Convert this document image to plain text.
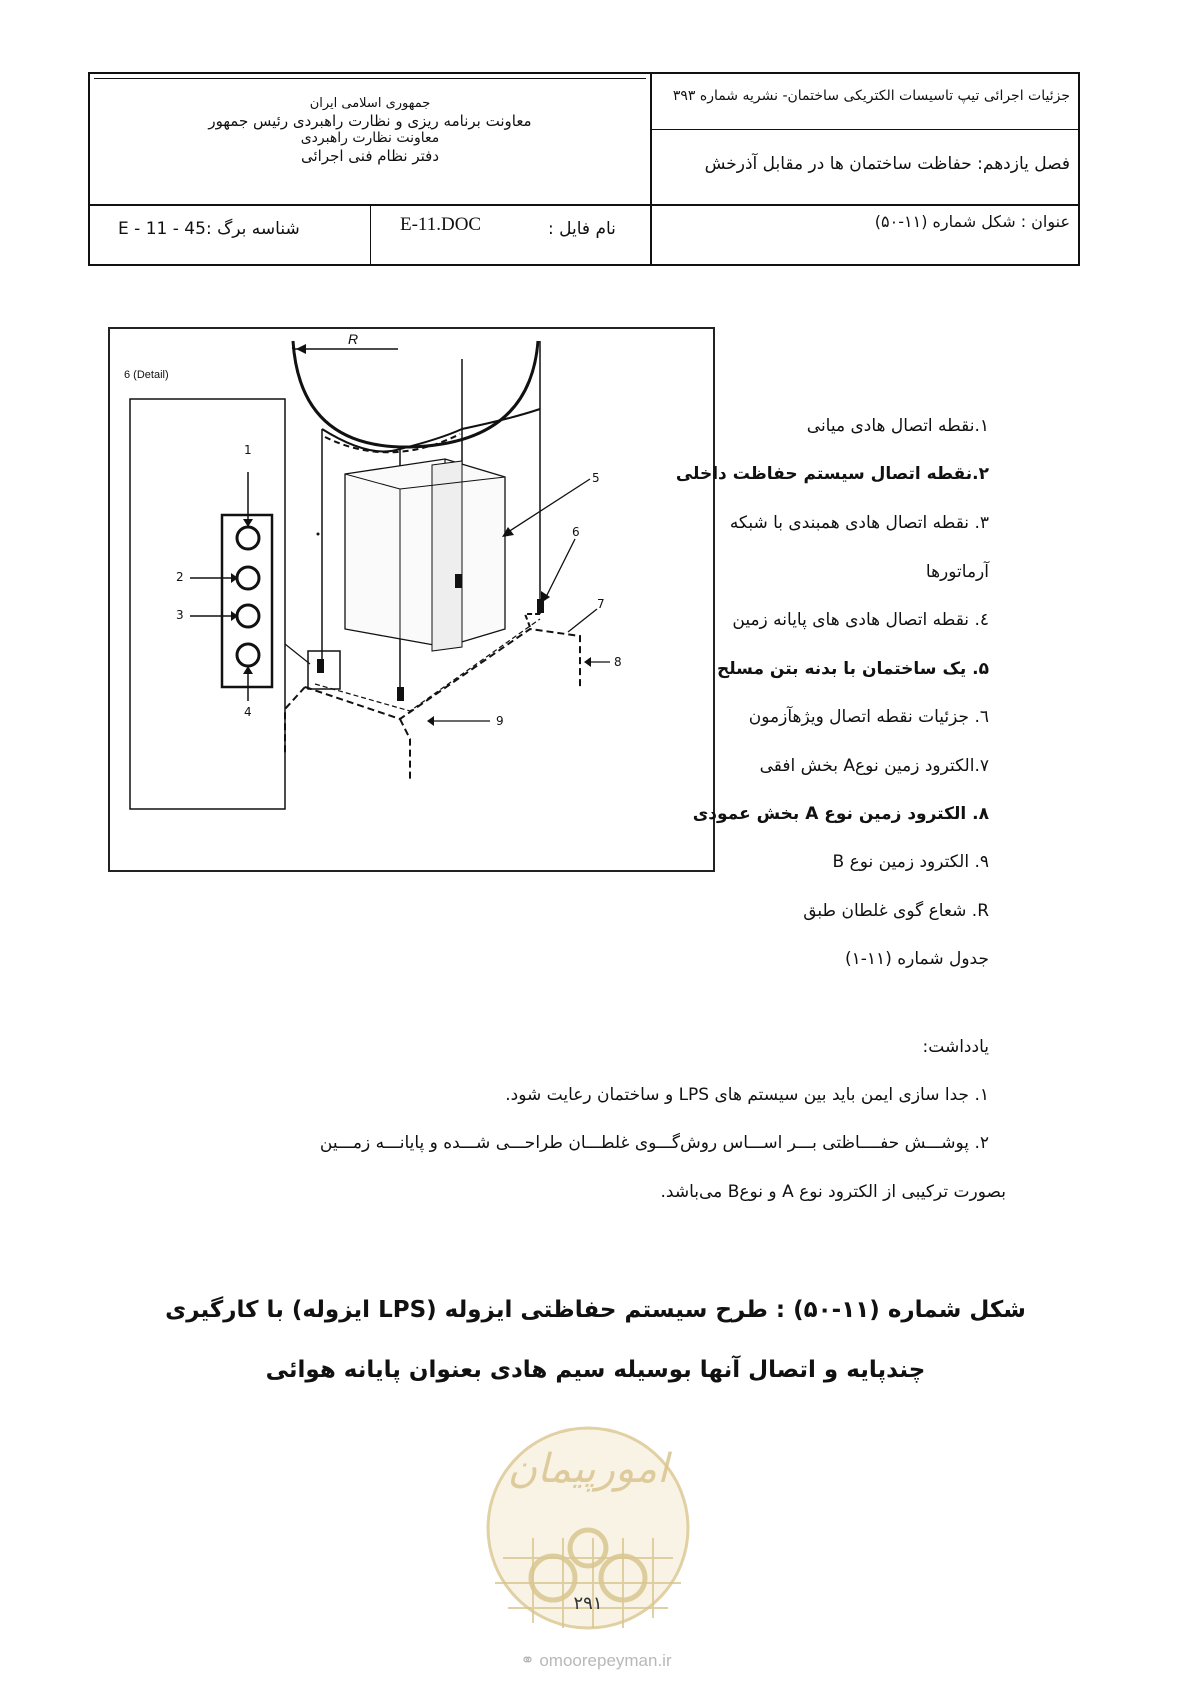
جمهوری اسلامی ایران
معاونت برنامه ریزی و نظارت راهبردی رئیس جمهور
معاونت نظارت راهبردی
دفتر نظام فنی اجرائی
جزئیات اجرائی تیپ تاسیسات الکتریکی ساختمان- نشریه شماره ۳۹۳
فصل یازدهم: حفاظت ساختمان ها در مقابل آذرخش
عنوان : شکل شماره (۱۱-۵۰)
نام فایل :
E-11.DOC
شناسه برگ :45 - 11 - E
6 (Detail)
R
1
2
3
4
5
6
7
8
9
۱.نقطه اتصال هادی میانی
۲.نقطه اتصال سیستم حفاظت داخلی
۳. نقطه اتصال هادی همبندی با شبکه
آرماتورها
٤. نقطه اتصال هادی های پایانه زمین
۵. یک ساختمان با بدنه بتن مسلح
٦. جزئیات نقطه اتصال ویژهآزمون
۷.الکترود زمین نوعA بخش افقی
۸. الکترود زمین نوع A بخش عمودی
۹. الکترود زمین نوع B
R. شعاع گوی غلطان طبق
جدول شماره (۱۱-۱)
یادداشت:
۱. جدا سازی ایمن باید بین سیستم های LPS و ساختمان رعایت شود.
۲. پوشـــش حفــــاظتی بـــر اســـاس روش‌گـــوی غلطـــان طراحـــی شـــده و پایانـــه زمـــین
بصورت ترکیبی از الکترود نوع A و نوعB می‌باشد.
شکل شماره (۱۱-۵۰) : طرح سیستم حفاظتی ایزوله (LPS ایزوله) با کارگیری
چندپایه و اتصال آنها بوسیله سیم هادی بعنوان پایانه هوائی
امورپیمان
۲۹۱
⚭ omoorepeyman.ir
